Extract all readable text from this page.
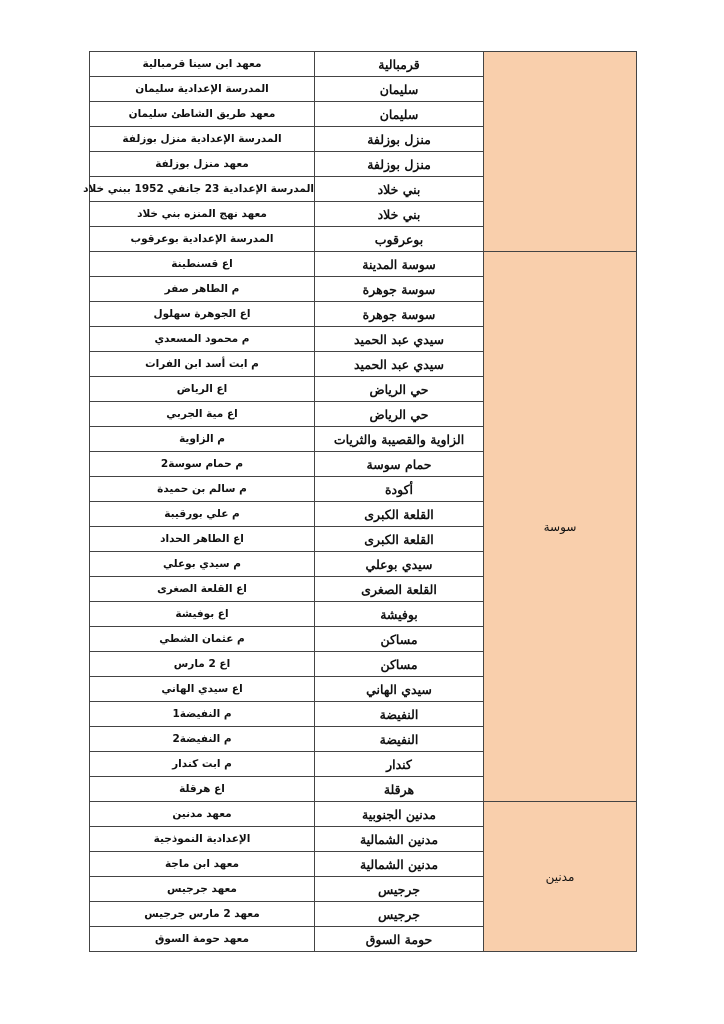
معهد ابن سينا قرمبالية	قرمبالية	
المدرسة الإعدادية سليمان	سليمان	
معهد طريق الشاطئ سليمان	سليمان	
المدرسة الإعدادية منزل بوزلفة	منزل بوزلفة	
معهد منزل بوزلفة	منزل بوزلفة	
المدرسة الإعدادية 23 جانفي 1952 ببني خلاد	بني خلاد	
معهد نهج المنزه بني خلاد	بني خلاد	
المدرسة الإعدادية بوعرقوب	بوعرقوب	
اع قسنطينة	سوسة المدينة	سوسة
م الطاهر صفر	سوسة جوهرة	
اع الجوهرة سهلول	سوسة جوهرة	
م محمود المسعدي	سيدي عبد الحميد	
م ابت أسد ابن الفرات	سيدي عبد الحميد	
اع الرياض	حي الرياض	
اع مية الجربي	حي الرياض	
م الزاوية	الزاوية والقصيبة والثريات	
م حمام سوسة2	حمام سوسة	
م سالم بن حميدة	أكودة	
م علي بورقيبة	القلعة الكبرى	
اع الطاهر الحداد	القلعة الكبرى	
م سيدي بوعلي	سيدي بوعلي	
اع القلعة الصغرى	القلعة الصغرى	
اع بوفيشة	بوفيشة	
م عثمان الشطي	مساكن	
اع 2 مارس	مساكن	
اع سيدي الهاني	سيدي الهاني	
م النفيضة1	النفيضة	
م النفيضة2	النفيضة	
م ابت كندار	كندار	
اع هرقلة	هرقلة	
معهد مدنين	مدنين الجنوبية	مدنين
الإعدادية النموذجية	مدنين الشمالية	
معهد ابن ماجة	مدنين الشمالية	
معهد جرجيس	جرجيس	
معهد 2 مارس جرجيس	جرجيس	
معهد حومة السوق	حومة السوق	
